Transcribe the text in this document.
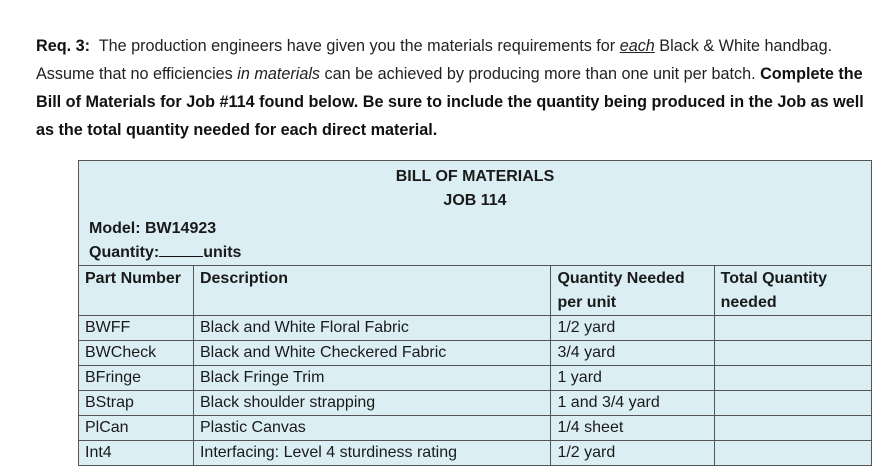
Req. 3: The production engineers have given you the materials requirements for each Black & White handbag. Assume that no efficiencies in materials can be achieved by producing more than one unit per batch. Complete the Bill of Materials for Job #114 found below. Be sure to include the quantity being produced in the Job as well as the total quantity needed for each direct material.
BILL OF MATERIALS
JOB 114
Model: BW14923
Quantity: units			

Part Number	Description	Quantity Needed per unit	Total Quantity needed
BWFF	Black and White Floral Fabric	1/2 yard	
BWCheck	Black and White Checkered Fabric	3/4 yard	
BFringe	Black Fringe Trim	1 yard	
BStrap	Black shoulder strapping	1 and 3/4 yard	
PlCan	Plastic Canvas	1/4 sheet	
Int4	Interfacing: Level 4 sturdiness rating	1/2 yard	
